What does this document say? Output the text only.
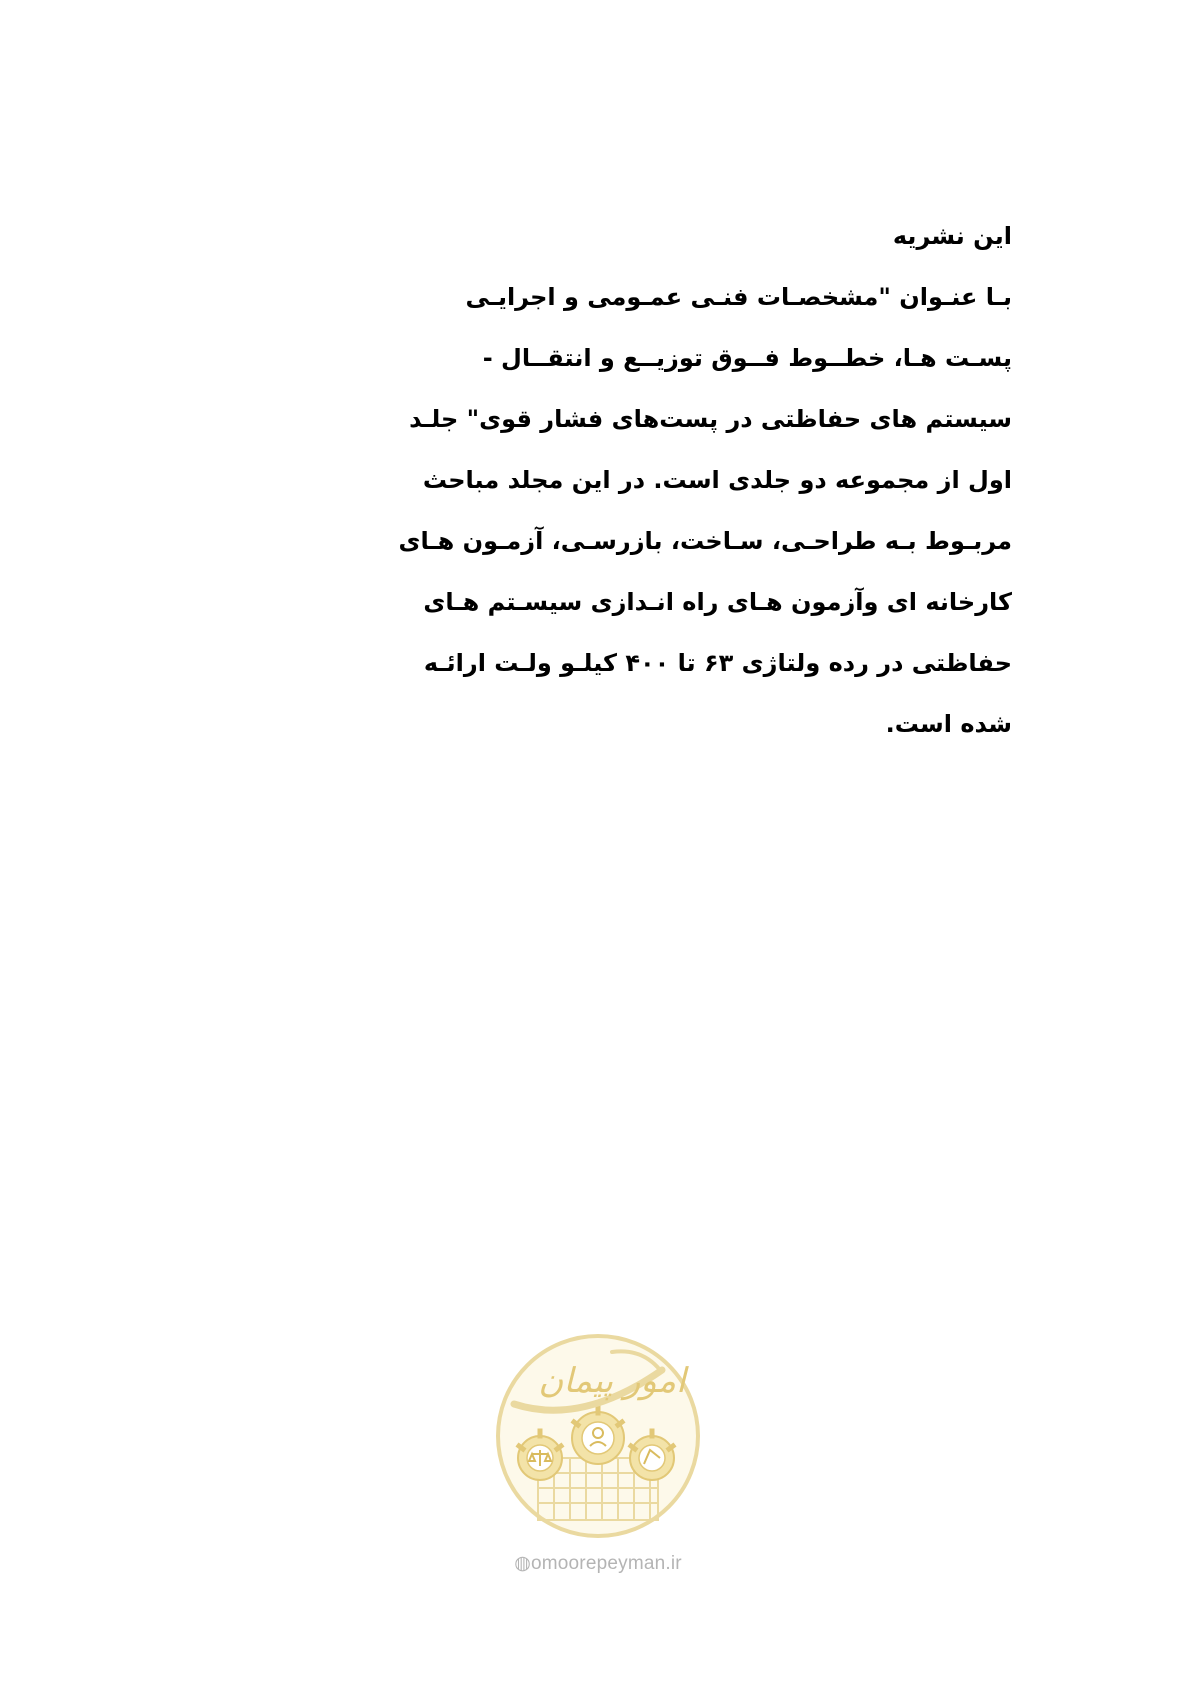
این نشریه
بـا عنـوان "مشخصـات فنـی عمـومی و اجرایـی
پسـت هـا، خطــوط فــوق توزیــع و انتقــال -
سیستم های حفاظتی در پست‌های فشار قوی" جلـد
اول از مجموعه دو جلدی است. در این مجلد مباحث
مربـوط بـه طراحـی، سـاخت، بازرسـی، آزمـون هـای
کارخانه ای وآزمون هـای راه انـدازی سیسـتم هـای
حفاظتی در رده ولتاژی ۶۳ تا ۴۰۰ کیلـو ولـت ارائـه
شده است.
امور پیمان
◍omoorepeyman.ir
